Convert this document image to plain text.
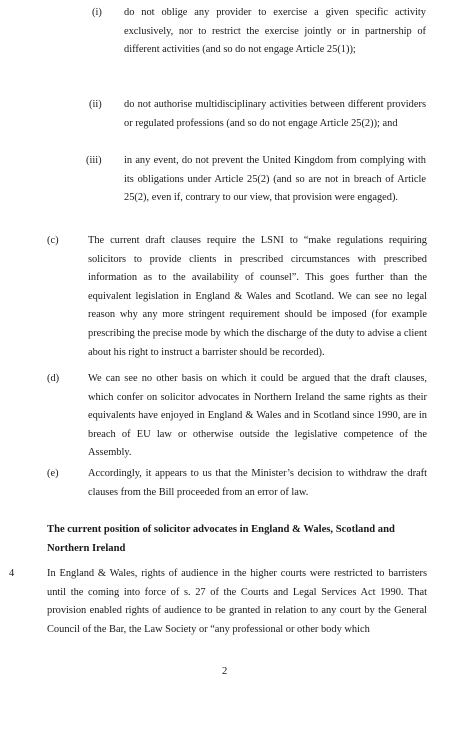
(i) do not oblige any provider to exercise a given specific activity exclusively, nor to restrict the exercise jointly or in partnership of different activities (and so do not engage Article 25(1));
(ii) do not authorise multidisciplinary activities between different providers or regulated professions (and so do not engage Article 25(2)); and
(iii) in any event, do not prevent the United Kingdom from complying with its obligations under Article 25(2) (and so are not in breach of Article 25(2), even if, contrary to our view, that provision were engaged).
(c)	The current draft clauses require the LSNI to “make regulations requiring solicitors to provide clients in prescribed circumstances with prescribed information as to the availability of counsel”. This goes further than the equivalent legislation in England & Wales and Scotland. We can see no legal reason why any more stringent requirement should be imposed (for example prescribing the precise mode by which the discharge of the duty to advise a client about his right to instruct a barrister should be recorded).
(d)	We can see no other basis on which it could be argued that the draft clauses, which confer on solicitor advocates in Northern Ireland the same rights as their equivalents have enjoyed in England & Wales and in Scotland since 1990, are in breach of EU law or otherwise outside the legislative competence of the Assembly.
(e)	Accordingly, it appears to us that the Minister’s decision to withdraw the draft clauses from the Bill proceeded from an error of law.
The current position of solicitor advocates in England & Wales, Scotland and Northern Ireland
4	In England & Wales, rights of audience in the higher courts were restricted to barristers until the coming into force of s. 27 of the Courts and Legal Services Act 1990. That provision enabled rights of audience to be granted in relation to any court by the General Council of the Bar, the Law Society or “any professional or other body which
2
